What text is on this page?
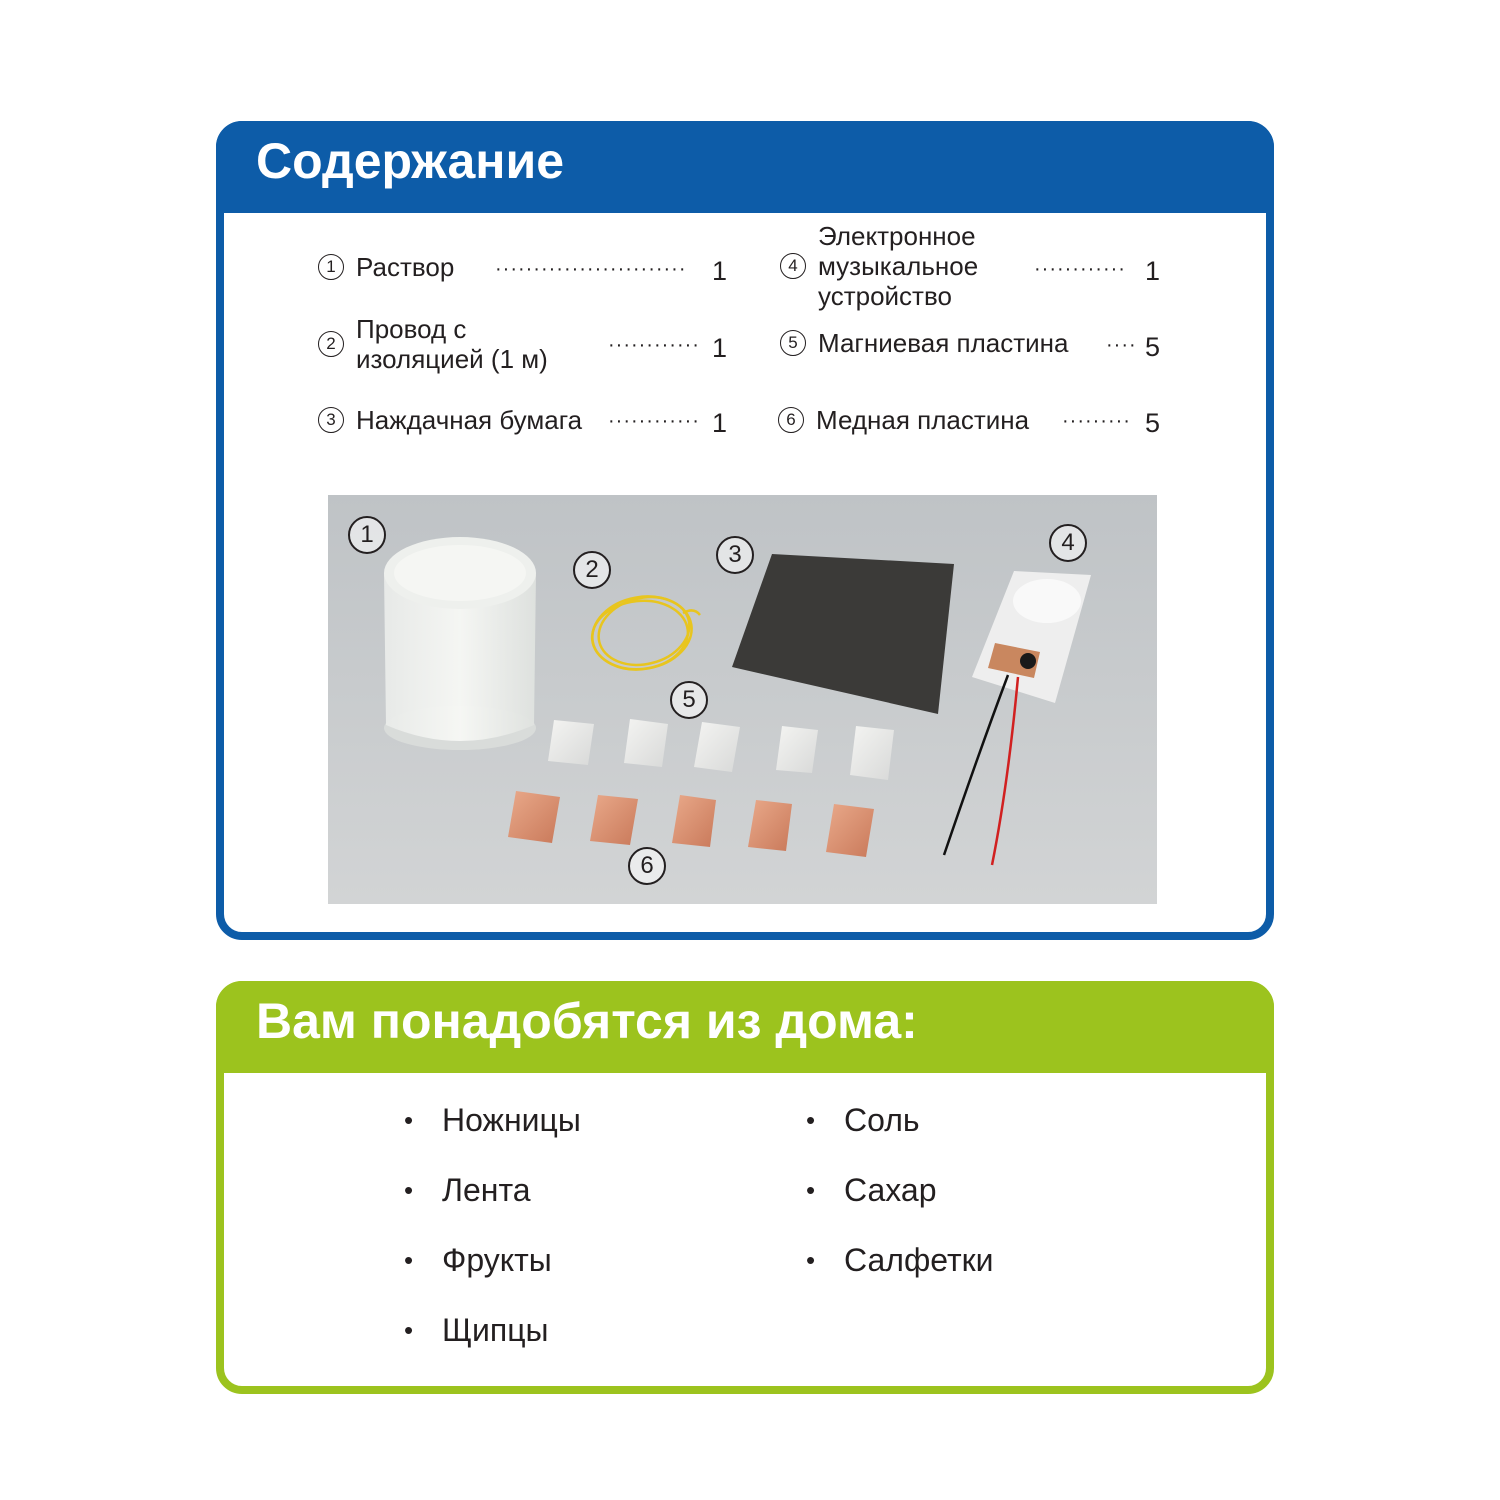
Содержание
1 Раствор ························· 1
2 Провод с изоляцией (1 м)	············ 1
3 Наждачная бумага ············ 1
4
Электронное музыкальное устройство
············ 1
5 Магниевая пластина ···· 5
6 Медная пластина ········· 5
1
2
3	4
5
6
Вам понадобятся из дома:
• Ножницы
• Лента
• Фрукты
• Щипцы
• Соль
• Сахар
• Салфетки
